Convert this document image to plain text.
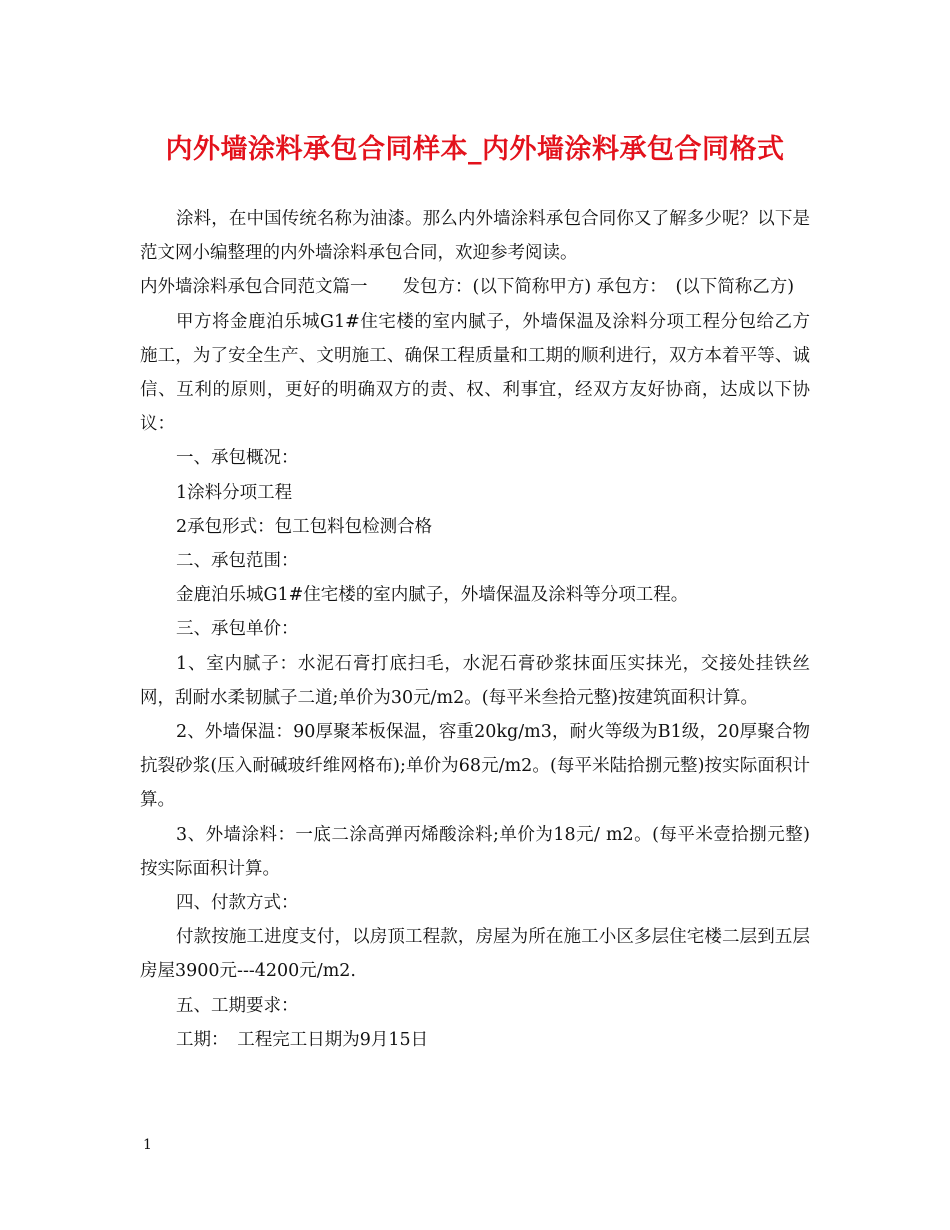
内外墙涂料承包合同样本_内外墙涂料承包合同格式

涂料，在中国传统名称为油漆。那么内外墙涂料承包合同你又了解多少呢？以下是范文网小编整理的内外墙涂料承包合同，欢迎参考阅读。

内外墙涂料承包合同范文篇一　　发包方：(以下简称甲方) 承包方：　(以下简称乙方)

甲方将金鹿泊乐城G1#住宅楼的室内腻子，外墙保温及涂料分项工程分包给乙方施工，为了安全生产、文明施工、确保工程质量和工期的顺利进行，双方本着平等、诚信、互利的原则，更好的明确双方的责、权、利事宜，经双方友好协商，达成以下协议：

一、承包概况：

1涂料分项工程

2承包形式：包工包料包检测合格

二、承包范围：

金鹿泊乐城G1#住宅楼的室内腻子，外墙保温及涂料等分项工程。

三、承包单价：

1、室内腻子：水泥石膏打底扫毛，水泥石膏砂浆抹面压实抹光，交接处挂铁丝网，刮耐水柔韧腻子二道;单价为30元/m2。(每平米叁拾元整)按建筑面积计算。

2、外墙保温：90厚聚苯板保温，容重20kg/m3，耐火等级为B1级，20厚聚合物抗裂砂浆(压入耐碱玻纤维网格布);单价为68元/m2。(每平米陆拾捌元整)按实际面积计算。

3、外墙涂料：一底二涂高弹丙烯酸涂料;单价为18元/ m2。(每平米壹拾捌元整)按实际面积计算。

四、付款方式：

付款按施工进度支付，以房顶工程款，房屋为所在施工小区多层住宅楼二层到五层房屋3900元---4200元/m2.

五、工期要求：

工期：　工程完工日期为9月15日

1
